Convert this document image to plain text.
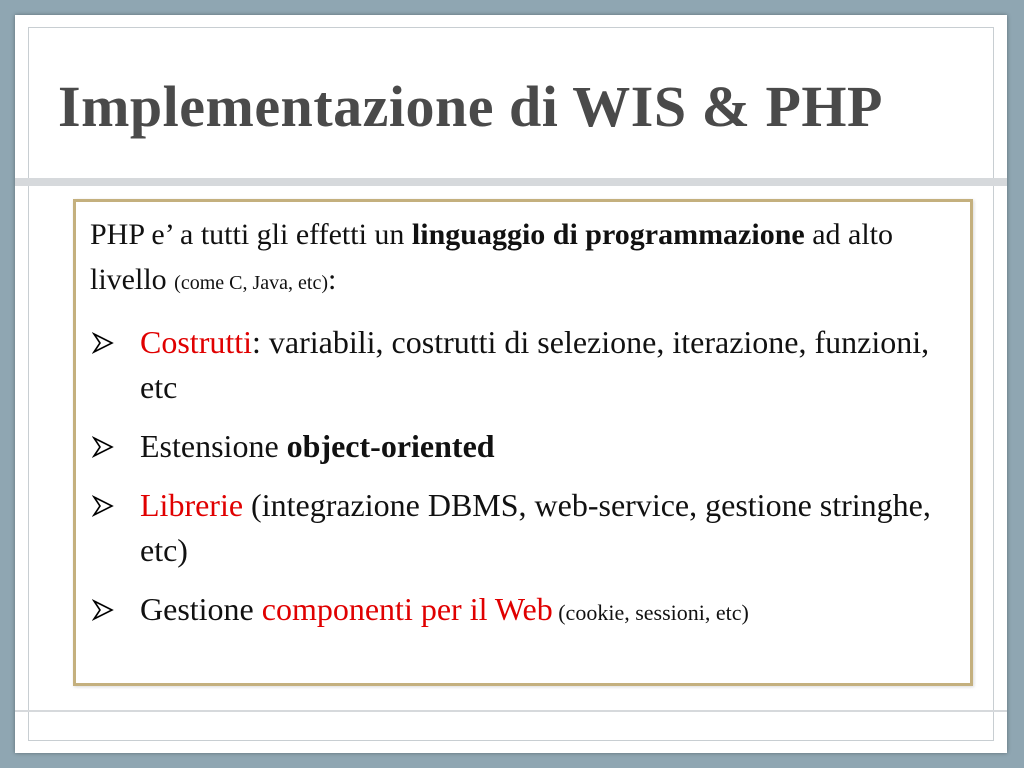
Implementazione di WIS & PHP

PHP e’ a tutti gli effetti un linguaggio di programmazione ad alto livello (come C, Java, etc):

Costrutti: variabili, costrutti di selezione, iterazione, funzioni, etc
Estensione object-oriented
Librerie (integrazione DBMS, web-service, gestione stringhe, etc)
Gestione componenti per il Web (cookie, sessioni, etc)
